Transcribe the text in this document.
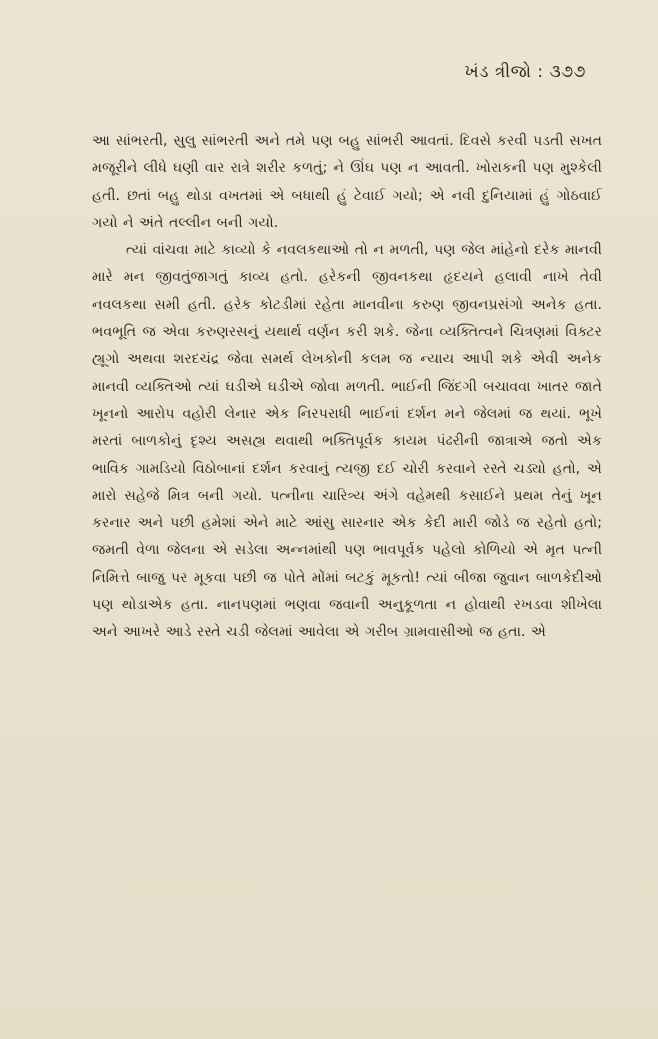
ખંડ ત્રીજો : ૩૭૭

આ સાંભરતી, સુલુ સાંભરતી અને તમે પણ બહુ સાંભરી આવતાં. દિવસે કરવી પડતી સખત મજૂરીને લીધે ઘણી વાર રાત્રે શરીર કળતું; ને ઊંઘ પણ ન આવતી. ખોરાકની પણ મુશ્કેલી હતી. છતાં બહુ થોડા વખતમાં એ બધાથી હું ટેવાઈ ગયો; એ નવી દુનિયામાં હું ગોઠવાઈ ગયો ને અંતે તલ્લીન બની ગયો.

ત્યાં વાંચવા માટે કાવ્યો કે નવલકથાઓ તો ન મળતી, પણ જેલ માંહેનો દરેક માનવી મારે મન જીવતુંજાગતું કાવ્ય હતો. હરેકની જીવનકથા હૃદયને હલાવી નાખે તેવી નવલકથા સમી હતી. હરેક કોટડીમાં રહેતા માનવીના કરુણ જીવનપ્રસંગો અનેક હતા. ભવભૂતિ જ એવા કરુણરસનું યથાર્થ વર્ણન કરી શકે. જેના વ્યક્તિત્વને ચિત્રણમાં વિક્ટર હ્યૂગો અથવા શરદચંદ્ર જેવા સમર્થ લેખકોની કલમ જ ન્યાય આપી શકે એવી અનેક માનવી વ્યક્તિઓ ત્યાં ઘડીએ ઘડીએ જોવા મળતી. ભાઈની જિંદગી બચાવવા ખાતર જાતે ખૂનનો આરોપ વહોરી લેનાર એક નિરપરાધી ભાઈનાં દર્શન મને જેલમાં જ થયાં. ભૂખે મરતાં બાળકોનું દૃશ્ય અસહ્ય થવાથી ભક્તિપૂર્વક કાયમ પંઢરીની જાત્રાએ જતો એક ભાવિક ગામડિયો વિઠોબાનાં દર્શન કરવાનું ત્યજી દઈ ચોરી કરવાને રસ્તે ચડ્યો હતો, એ મારો સહેજે મિત્ર બની ગયો. પત્નીના ચારિત્ર્ય અંગે વહેમથી કસાઈને પ્રથમ તેનું ખૂન કરનાર અને પછી હમેશાં એને માટે આંસુ સારનાર એક કેદી મારી જોડે જ રહેતો હતો; જમતી વેળા જેલના એ સડેલા અન્નમાંથી પણ ભાવપૂર્વક પહેલો કોળિયો એ મૃત પત્ની નિમિત્તે બાજુ પર મૂકવા પછી જ પોતે મોંમાં બટકું મૂકતો! ત્યાં બીજા જુવાન બાળકેદીઓ પણ થોડાએક હતા. નાનપણમાં ભણવા જવાની અનુકૂળતા ન હોવાથી રખડવા શીખેલા અને આખરે આડે રસ્તે ચડી જેલમાં આવેલા એ ગરીબ ગ્રામવાસીઓ જ હતા. એ
